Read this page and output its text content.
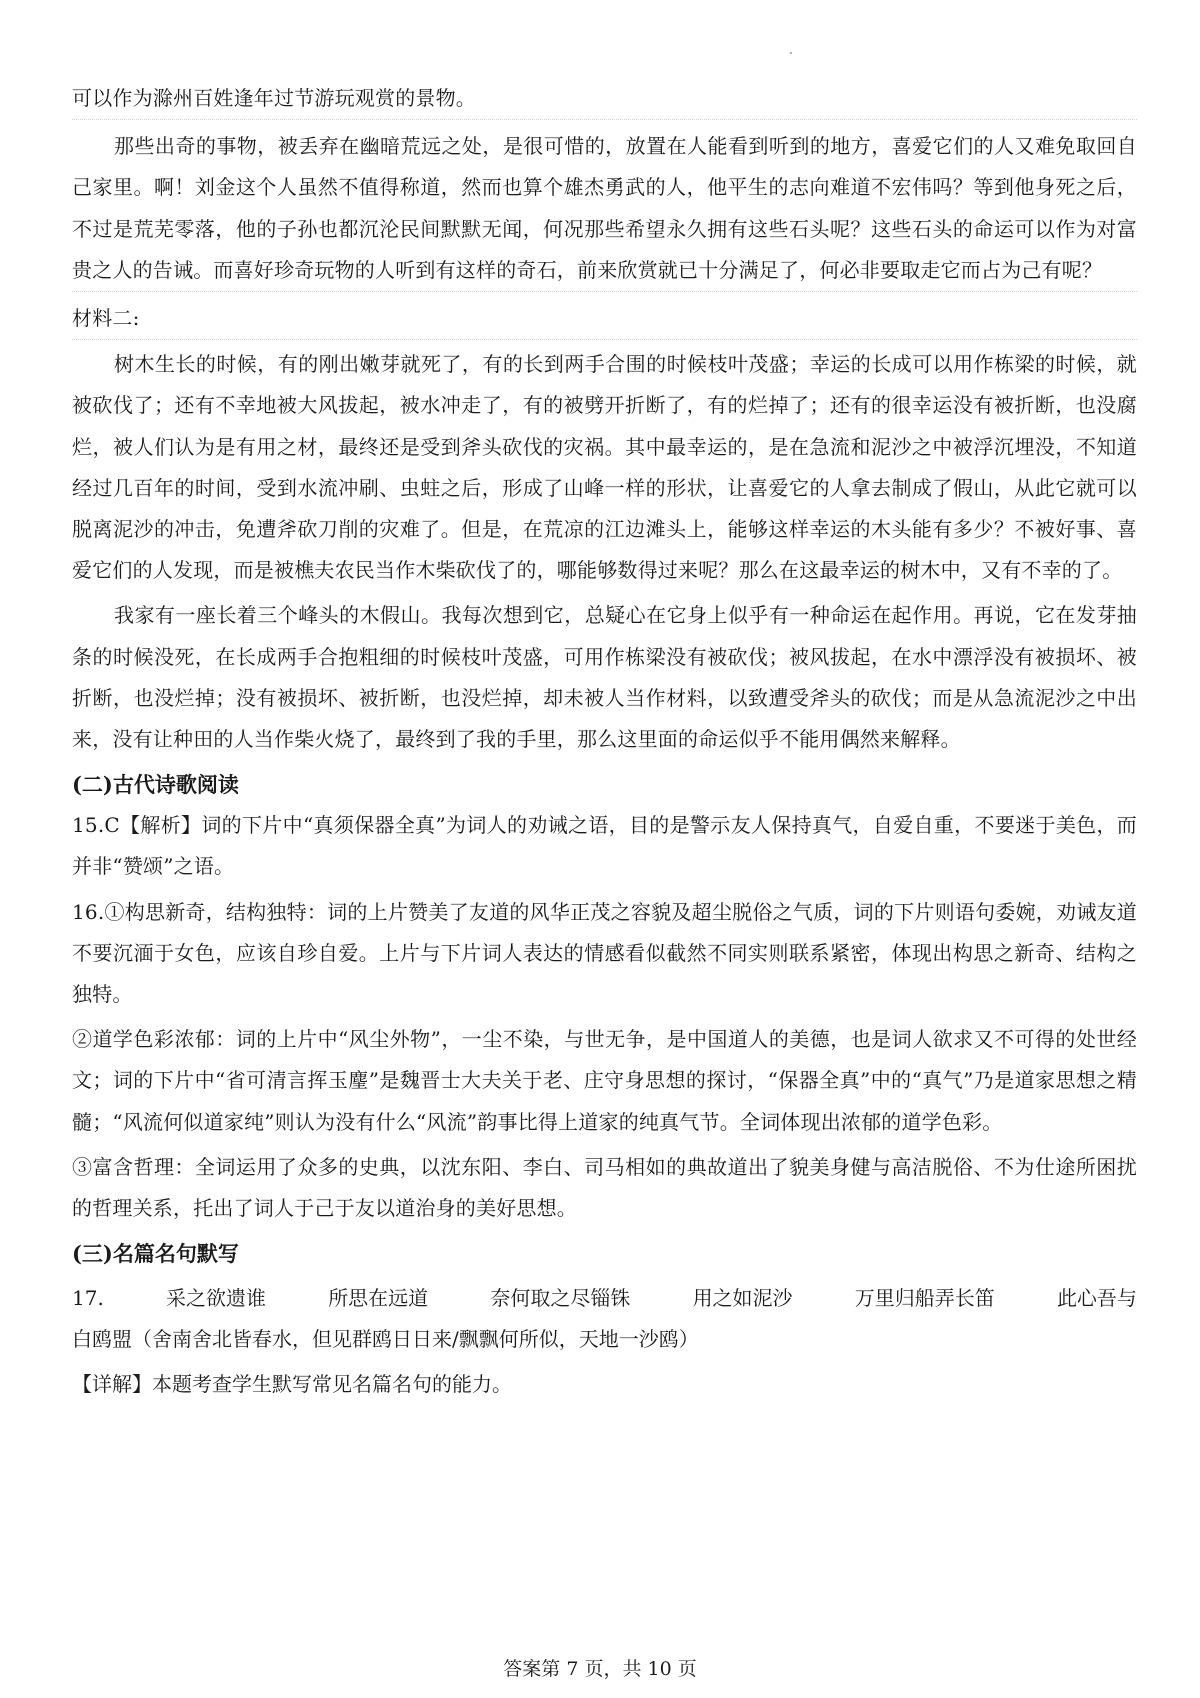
可以作为滁州百姓逢年过节游玩观赏的景物。

那些出奇的事物，被丢弃在幽暗荒远之处，是很可惜的，放置在人能看到听到的地方，喜爱它们的人又难免取回自己家里。啊！刘金这个人虽然不值得称道，然而也算个雄杰勇武的人，他平生的志向难道不宏伟吗？等到他身死之后，不过是荒芜零落，他的子孙也都沉沦民间默默无闻，何况那些希望永久拥有这些石头呢？这些石头的命运可以作为对富贵之人的告诫。而喜好珍奇玩物的人听到有这样的奇石，前来欣赏就已十分满足了，何必非要取走它而占为己有呢？

材料二:

树木生长的时候，有的刚出嫩芽就死了，有的长到两手合围的时候枝叶茂盛；幸运的长成可以用作栋梁的时候，就被砍伐了；还有不幸地被大风拔起，被水冲走了，有的被劈开折断了，有的烂掉了；还有的很幸运没有被折断，也没腐烂，被人们认为是有用之材，最终还是受到斧头砍伐的灾祸。其中最幸运的，是在急流和泥沙之中被浮沉埋没，不知道经过几百年的时间，受到水流冲刷、虫蛀之后，形成了山峰一样的形状，让喜爱它的人拿去制成了假山，从此它就可以脱离泥沙的冲击，免遭斧砍刀削的灾难了。但是，在荒凉的江边滩头上，能够这样幸运的木头能有多少？不被好事、喜爱它们的人发现，而是被樵夫农民当作木柴砍伐了的，哪能够数得过来呢？那么在这最幸运的树木中，又有不幸的了。

我家有一座长着三个峰头的木假山。我每次想到它，总疑心在它身上似乎有一种命运在起作用。再说，它在发芽抽条的时候没死，在长成两手合抱粗细的时候枝叶茂盛，可用作栋梁没有被砍伐；被风拔起，在水中漂浮没有被损坏、被折断，也没烂掉；没有被损坏、被折断，也没烂掉，却未被人当作材料，以致遭受斧头的砍伐；而是从急流泥沙之中出来，没有让种田的人当作柴火烧了，最终到了我的手里，那么这里面的命运似乎不能用偶然来解释。

(二)古代诗歌阅读

15.C【解析】词的下片中“真须保器全真”为词人的劝诫之语，目的是警示友人保持真气，自爱自重，不要迷于美色，而并非“赞颂”之语。

16.①构思新奇，结构独特：词的上片赞美了友道的风华正茂之容貌及超尘脱俗之气质，词的下片则语句委婉，劝诫友道不要沉湎于女色，应该自珍自爱。上片与下片词人表达的情感看似截然不同实则联系紧密，体现出构思之新奇、结构之独特。

②道学色彩浓郁：词的上片中“风尘外物”，一尘不染，与世无争，是中国道人的美德，也是词人欲求又不可得的处世经文；词的下片中“省可清言挥玉麈”是魏晋士大夫关于老、庄守身思想的探讨，“保器全真”中的“真气”乃是道家思想之精髓；“风流何似道家纯”则认为没有什么“风流”韵事比得上道家的纯真气节。全词体现出浓郁的道学色彩。

③富含哲理：全词运用了众多的史典，以沈东阳、李白、司马相如的典故道出了貌美身健与高洁脱俗、不为仕途所困扰的哲理关系，托出了词人于己于友以道治身的美好思想。

(三)名篇名句默写

17.	采之欲遗谁	所思在远道	奈何取之尽锱铢	用之如泥沙	万里归船弄长笛	此心吾与

白鸥盟（舍南舍北皆春水，但见群鸥日日来/飘飘何所似，天地一沙鸥）

【详解】本题考查学生默写常见名篇名句的能力。

答案第 7 页，共 10 页
